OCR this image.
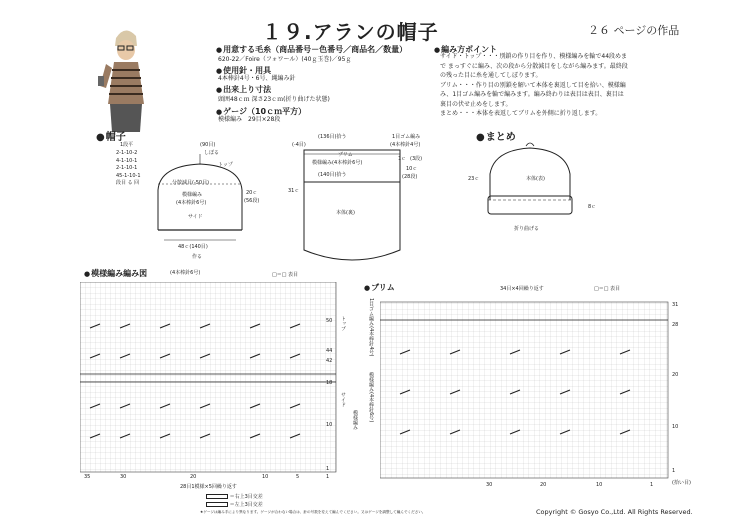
１９.アランの帽子	２６ ページの作品
● 用意する毛糸（商品番号－色番号／商品名／数量）
620-22／Foire（フォワール）(40ｇ玉巻)／95ｇ
● 使用針・用具
4本棒針4号・6号、縄編み針
● 出来上り寸法
頭囲48ｃｍ 深さ23ｃｍ(折り曲げた状態)
● ゲージ（10ｃｍ平方）
模様編み　29目×28段
● 編み方ポイント
サイド・トップ・・・別鎖の作り目を作り、模様編みを輪で44段めま
で まっすぐに編み、次の段から分散減目をしながら編みます。最終段
の残った目に糸を通してしぼります。
ブリム・・・作り目の別鎖を解いて本体を裏返して目を拾い、模様編
み、1目ゴム編みを輪で編みます。編み終わりは表目は表目、裏目は
裏目の伏せ止めをします。
まとめ・・・本体を表返してブリムを外側に折り返します。
● 帽子
1段平
2-1-10-2
4-1-10-1
2-1-10-1
45-1-10-1
段目 る 回
(90目)
しぼる
トップ
分散減目(-50目)
模様編み
(4本棒針6号)
サイド
20ｃ
(56段)
48ｃ(140目)
作る
(136目)拾う	1目ゴム編み
(4本棒針4号)
(-4目)
ブリム
模様編み(4本棒針6号)
(140目)拾う
31ｃ
本体(裏)
1ｃ (3段)
10ｃ
(28段)
● まとめ
本体(表)
23ｃ
8ｃ
折り曲げる
● 模様編み編み図	(4本棒針6号)	□＝□ 表目
50
44
42
18
10
1
トップ
サイド
模様編み
35	30	20	10	5	1
28目1模様×5回繰り返す
＝右上3目交差
＝左上3目交差
● ブリム	34目×4回繰り返す	□＝□ 表目
1目ゴム編み(4本棒針4号)
模様編み(4本棒針6号)
31
28
20
10
1
30	20	10	1	(拾い目)
★ゲージは編み手により異なります。ゲージが合わない場合は、針の号数を変えて編んでください。又はゲージを調整して編んでください。	Copyright © Gosyo Co.,Ltd. All Rights Reserved.
